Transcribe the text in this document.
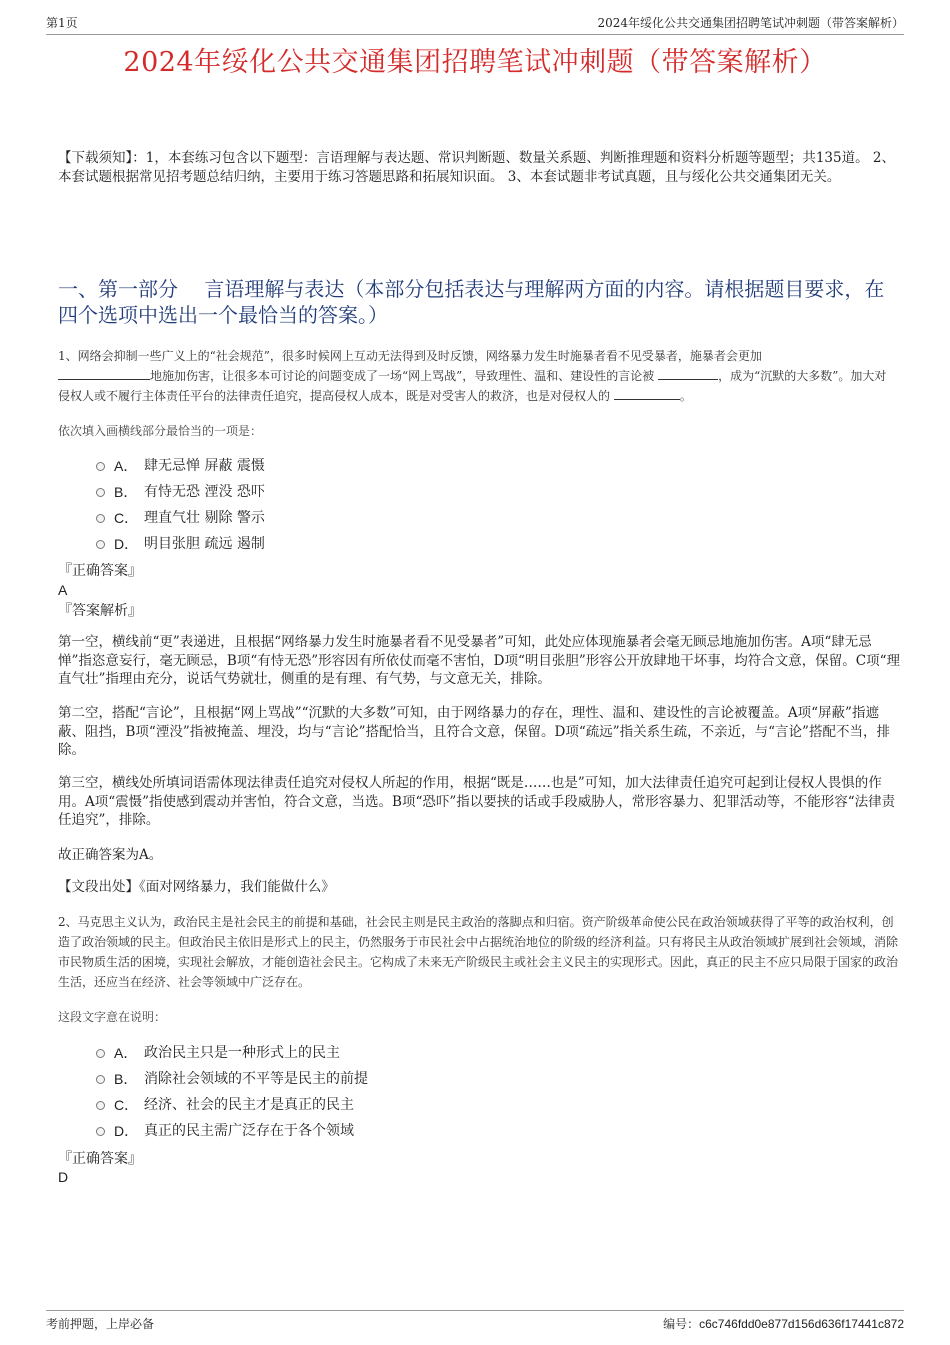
第1页	2024年绥化公共交通集团招聘笔试冲刺题（带答案解析）
2024年绥化公共交通集团招聘笔试冲刺题（带答案解析）
【下载须知】：1，本套练习包含以下题型：言语理解与表达题、常识判断题、数量关系题、判断推理题和资料分析题等题型；共135道。 2、本套试题根据常见招考题总结归纳，主要用于练习答题思路和拓展知识面。 3、本套试题非考试真题，且与绥化公共交通集团无关。
一、第一部分　 言语理解与表达（本部分包括表达与理解两方面的内容。请根据题目要求，在四个选项中选出一个最恰当的答案。）
1、网络会抑制一些广义上的“社会规范”，很多时候网上互动无法得到及时反馈，网络暴力发生时施暴者看不见受暴者，施暴者会更加
地施加伤害，让很多本可讨论的问题变成了一场“网上骂战”，导致理性、温和、建设性的言论被	，成为“沉默的大多数”。加大对侵权人或不履行主体责任平台的法律责任追究，提高侵权人成本，既是对受害人的救济，也是对侵权人的	。
依次填入画横线部分最恰当的一项是：
A． 肆无忌惮 屏蔽 震慑
B． 有恃无恐 湮没 恐吓
C． 理直气壮 剔除 警示
D． 明目张胆 疏远 遏制
『正确答案』
A
『答案解析』
第一空，横线前“更”表递进，且根据“网络暴力发生时施暴者看不见受暴者”可知，此处应体现施暴者会毫无顾忌地施加伤害。A项“肆无忌惮”指恣意妄行，毫无顾忌，B项“有恃无恐”形容因有所依仗而毫不害怕，D项“明目张胆”形容公开放肆地干坏事，均符合文意，保留。C项“理直气壮”指理由充分，说话气势就壮，侧重的是有理、有气势，与文意无关，排除。
第二空，搭配“言论”，且根据“网上骂战”“沉默的大多数”可知，由于网络暴力的存在，理性、温和、建设性的言论被覆盖。A项“屏蔽”指遮蔽、阻挡，B项“湮没”指被掩盖、埋没，均与“言论”搭配恰当，且符合文意，保留。D项“疏远”指关系生疏，不亲近，与“言论”搭配不当，排除。
第三空，横线处所填词语需体现法律责任追究对侵权人所起的作用，根据“既是……也是”可知，加大法律责任追究可起到让侵权人畏惧的作用。A项“震慑”指使感到震动并害怕，符合文意，当选。B项“恐吓”指以要挟的话或手段威胁人，常形容暴力、犯罪活动等，不能形容“法律责任追究”，排除。
故正确答案为A。
【文段出处】《面对网络暴力，我们能做什么》
2、马克思主义认为，政治民主是社会民主的前提和基础，社会民主则是民主政治的落脚点和归宿。资产阶级革命使公民在政治领域获得了平等的政治权利，创造了政治领域的民主。但政治民主依旧是形式上的民主，仍然服务于市民社会中占据统治地位的阶级的经济利益。只有将民主从政治领域扩展到社会领域，消除市民物质生活的困境，实现社会解放，才能创造社会民主。它构成了未来无产阶级民主或社会主义民主的实现形式。因此，真正的民主不应只局限于国家的政治生活，还应当在经济、社会等领域中广泛存在。
这段文字意在说明：
A． 政治民主只是一种形式上的民主
B． 消除社会领域的不平等是民主的前提
C． 经济、社会的民主才是真正的民主
D． 真正的民主需广泛存在于各个领域
『正确答案』
D
考前押题，上岸必备	编号：c6c746fdd0e877d156d636f17441c872
